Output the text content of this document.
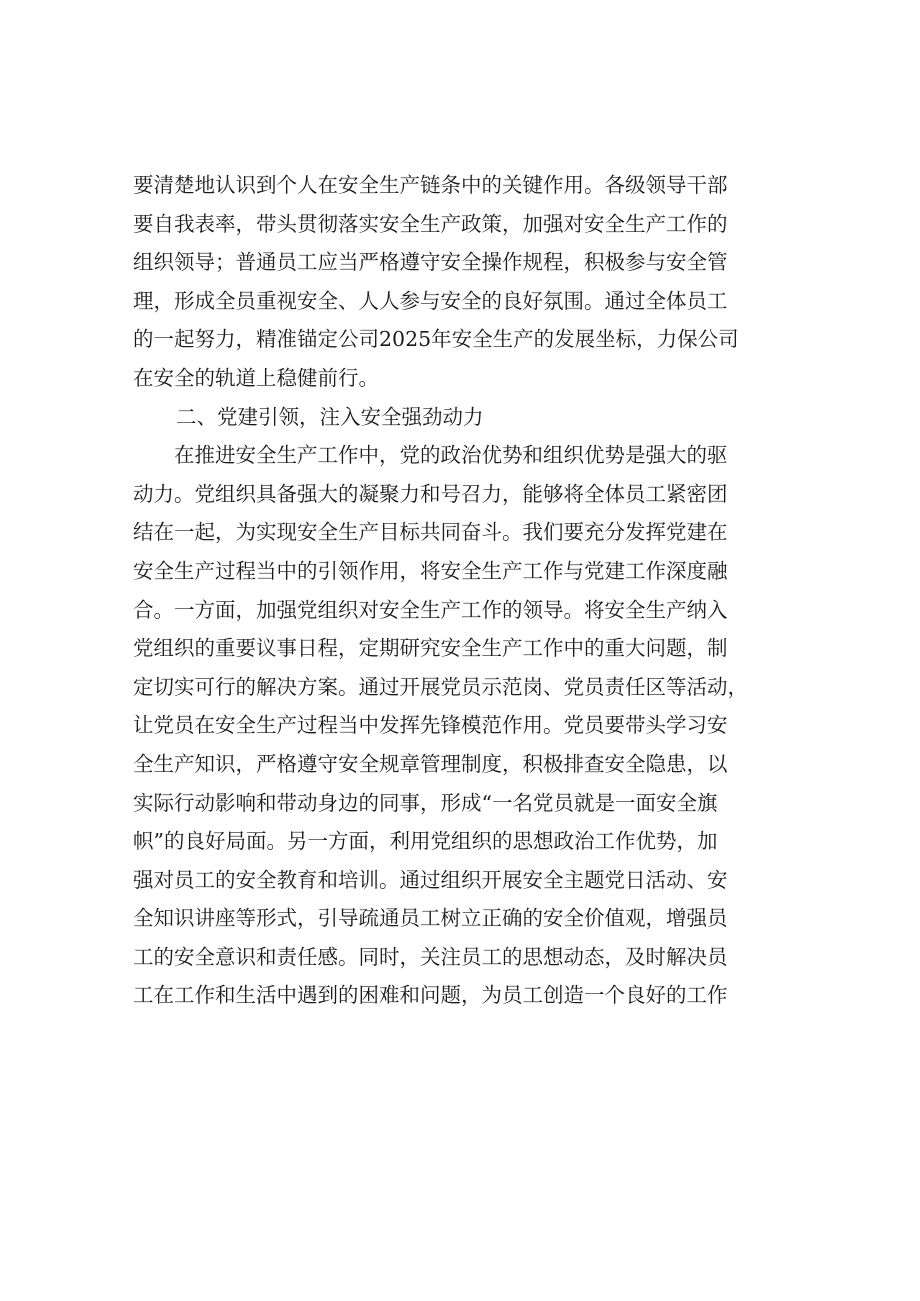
要清楚地认识到个人在安全生产链条中的关键作用。各级领导干部
要自我表率，带头贯彻落实安全生产政策，加强对安全生产工作的
组织领导；普通员工应当严格遵守安全操作规程，积极参与安全管
理，形成全员重视安全、人人参与安全的良好氛围。通过全体员工
的一起努力，精准锚定公司2025年安全生产的发展坐标，力保公司
在安全的轨道上稳健前行。

二、党建引领，注入安全强劲动力

　　在推进安全生产工作中，党的政治优势和组织优势是强大的驱
动力。党组织具备强大的凝聚力和号召力，能够将全体员工紧密团
结在一起，为实现安全生产目标共同奋斗。我们要充分发挥党建在
安全生产过程当中的引领作用，将安全生产工作与党建工作深度融
合。一方面，加强党组织对安全生产工作的领导。将安全生产纳入
党组织的重要议事日程，定期研究安全生产工作中的重大问题，制
定切实可行的解决方案。通过开展党员示范岗、党员责任区等活动，
让党员在安全生产过程当中发挥先锋模范作用。党员要带头学习安
全生产知识，严格遵守安全规章管理制度，积极排查安全隐患，以
实际行动影响和带动身边的同事，形成“一名党员就是一面安全旗
帜”的良好局面。另一方面，利用党组织的思想政治工作优势，加
强对员工的安全教育和培训。通过组织开展安全主题党日活动、安
全知识讲座等形式，引导疏通员工树立正确的安全价值观，增强员
工的安全意识和责任感。同时，关注员工的思想动态，及时解决员
工在工作和生活中遇到的困难和问题，为员工创造一个良好的工作
